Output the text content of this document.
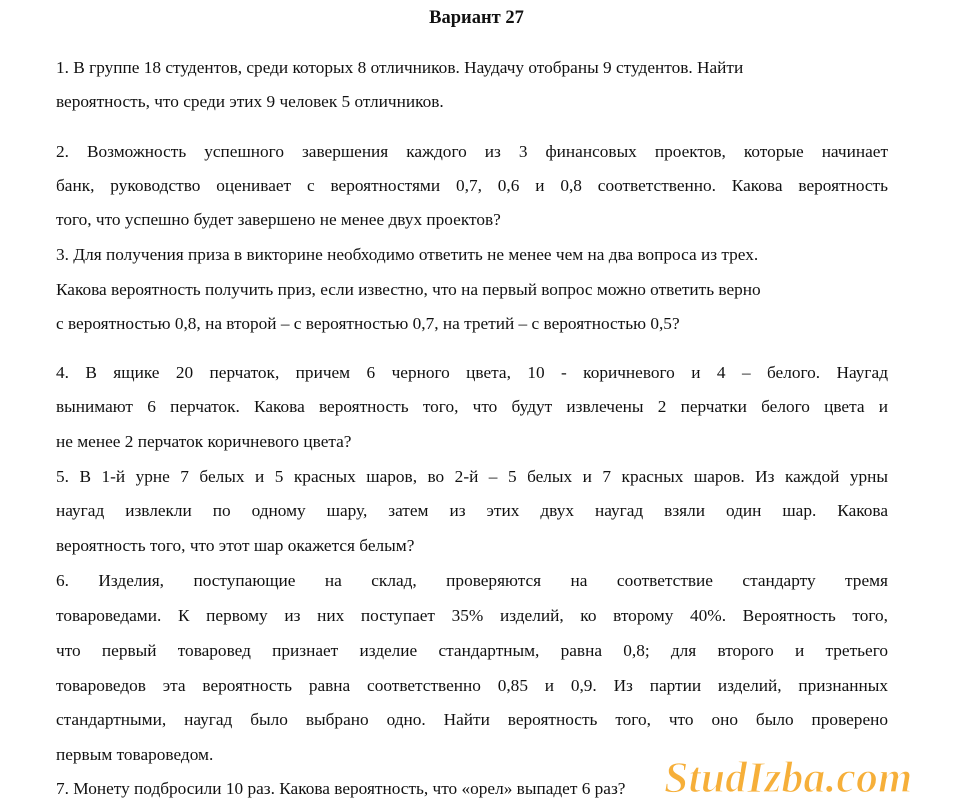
Вариант 27
1. В группе 18 студентов, среди которых 8 отличников. Наудачу отобраны 9 студентов. Найти
вероятность, что среди этих 9 человек 5 отличников.
2. Возможность успешного завершения каждого из 3 финансовых проектов, которые начинает
банк, руководство оценивает с вероятностями 0,7, 0,6 и 0,8 соответственно. Какова вероятность
того, что успешно будет завершено не менее двух проектов?
3. Для получения приза в викторине необходимо ответить не менее чем на два вопроса из трех.
Какова вероятность получить приз, если известно, что на первый вопрос можно ответить верно
с вероятностью 0,8, на второй – с вероятностью 0,7, на третий – с вероятностью 0,5?
4. В ящике 20 перчаток, причем 6 черного цвета, 10 - коричневого и 4 – белого. Наугад
вынимают 6 перчаток. Какова вероятность того, что будут извлечены 2 перчатки белого цвета и
не менее 2 перчаток коричневого цвета?
5. В 1-й урне 7 белых и 5 красных шаров, во 2-й – 5 белых и 7 красных шаров. Из каждой урны
наугад извлекли по одному шару, затем из этих двух наугад взяли один шар. Какова
вероятность того, что этот шар окажется белым?
6. Изделия, поступающие на склад, проверяются на соответствие стандарту тремя
товароведами. К первому из них поступает 35% изделий, ко второму 40%. Вероятность того,
что первый товаровед признает изделие стандартным, равна 0,8; для второго и третьего
товароведов эта вероятность равна соответственно 0,85 и 0,9. Из партии изделий, признанных
стандартными, наугад было выбрано одно. Найти вероятность того, что оно было проверено
первым товароведом.
7. Монету подбросили 10 раз. Какова вероятность, что «орел» выпадет 6 раз? StudIzba.com
